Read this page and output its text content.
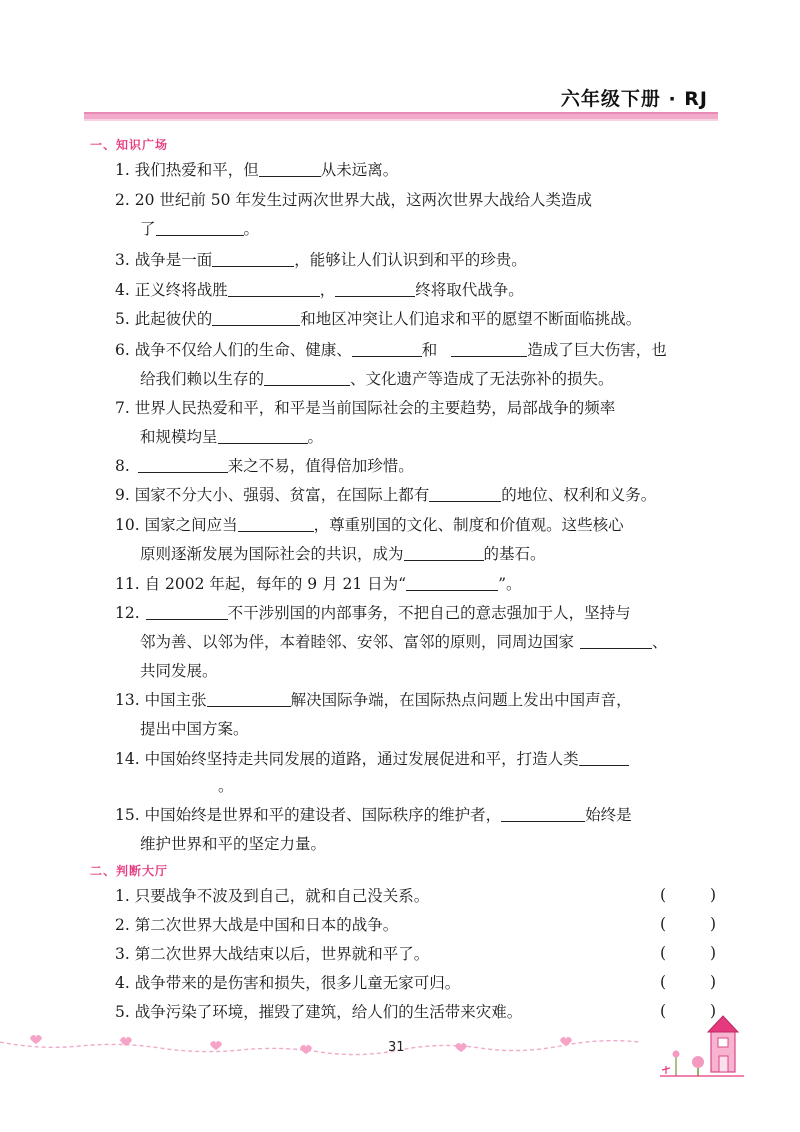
六年级下册 · RJ
一、知识广场
1. 我们热爱和平，但	从未远离。
2. 20 世纪前 50 年发生过两次世界大战，这两次世界大战给人类造成
了	。
3. 战争是一面	，能够让人们认识到和平的珍贵。
4. 正义终将战胜	，	终将取代战争。
5. 此起彼伏的	和地区冲突让人们追求和平的愿望不断面临挑战。
6. 战争不仅给人们的生命、健康、	和	造成了巨大伤害，也
给我们赖以生存的	、文化遗产等造成了无法弥补的损失。
7. 世界人民热爱和平，和平是当前国际社会的主要趋势，局部战争的频率
和规模均呈	。
8.	来之不易，值得倍加珍惜。
9. 国家不分大小、强弱、贫富，在国际上都有	的地位、权利和义务。
10. 国家之间应当	，尊重别国的文化、制度和价值观。这些核心
原则逐渐发展为国际社会的共识，成为	的基石。
11. 自 2002 年起，每年的 9 月 21 日为“	”。
12.	不干涉别国的内部事务，不把自己的意志强加于人，坚持与
邻为善、以邻为伴，本着睦邻、安邻、富邻的原则，同周边国家	、
共同发展。
13. 中国主张	解决国际争端，在国际热点问题上发出中国声音，
提出中国方案。
14. 中国始终坚持走共同发展的道路，通过发展促进和平，打造人类
。
15. 中国始终是世界和平的建设者、国际秩序的维护者，	始终是
维护世界和平的坚定力量。
二、判断大厅
1. 只要战争不波及到自己，就和自己没关系。	(	)
2. 第二次世界大战是中国和日本的战争。	(	)
3. 第二次世界大战结束以后，世界就和平了。	(	)
4. 战争带来的是伤害和损失，很多儿童无家可归。	(	)
5. 战争污染了环境，摧毁了建筑，给人们的生活带来灾难。	(	)
31
